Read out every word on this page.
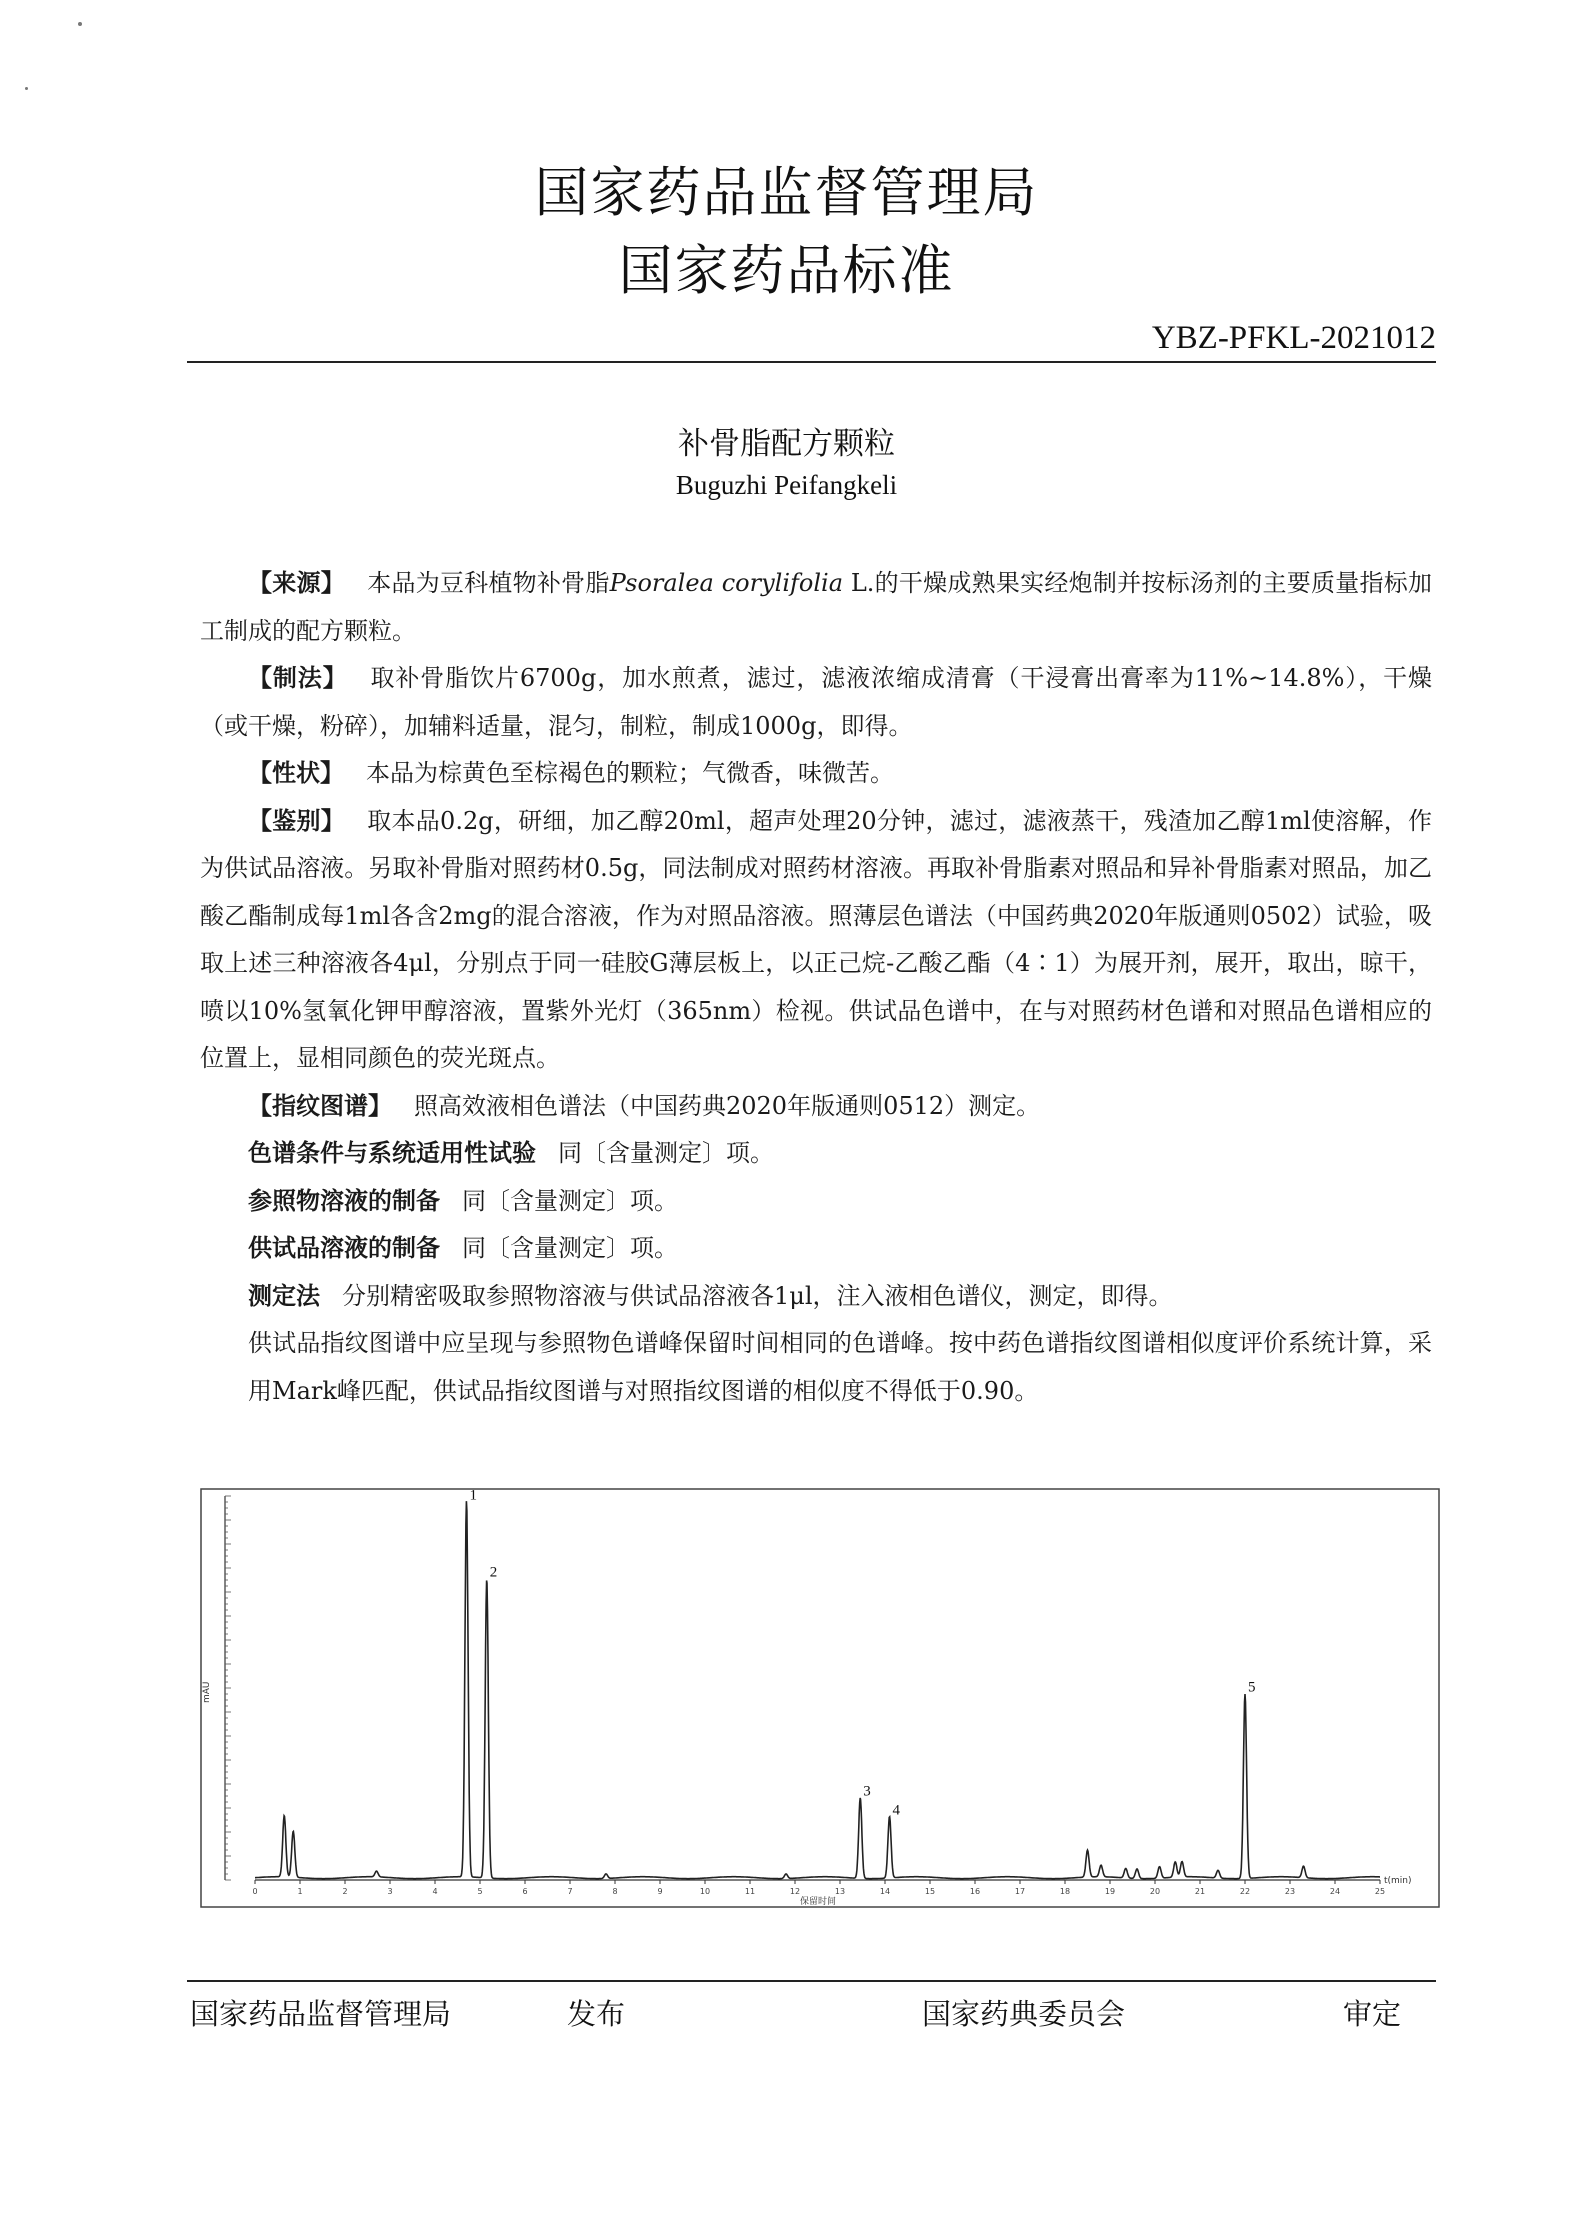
国家药品监督管理局
国家药品标准
YBZ-PFKL-2021012
补骨脂配方颗粒
Buguzhi Peifangkeli

【来源】 本品为豆科植物补骨脂Psoralea corylifolia L.的干燥成熟果实经炮制并按标汤剂的主要质量指标加工制成的配方颗粒。

【制法】 取补骨脂饮片6700g，加水煎煮，滤过，滤液浓缩成清膏（干浸膏出膏率为11%~14.8%），干燥（或干燥，粉碎），加辅料适量，混匀，制粒，制成1000g，即得。

【性状】 本品为棕黄色至棕褐色的颗粒；气微香，味微苦。

【鉴别】 取本品0.2g，研细，加乙醇20ml，超声处理20分钟，滤过，滤液蒸干，残渣加乙醇1ml使溶解，作为供试品溶液。另取补骨脂对照药材0.5g，同法制成对照药材溶液。再取补骨脂素对照品和异补骨脂素对照品，加乙酸乙酯制成每1ml各含2mg的混合溶液，作为对照品溶液。照薄层色谱法（中国药典2020年版通则0502）试验，吸取上述三种溶液各4μl，分别点于同一硅胶G薄层板上，以正己烷-乙酸乙酯（4∶1）为展开剂，展开，取出，晾干，喷以10%氢氧化钾甲醇溶液，置紫外光灯（365nm）检视。供试品色谱中，在与对照药材色谱和对照品色谱相应的位置上，显相同颜色的荧光斑点。

【指纹图谱】 照高效液相色谱法（中国药典2020年版通则0512）测定。

色谱条件与系统适用性试验 同〔含量测定〕项。

参照物溶液的制备 同〔含量测定〕项。

供试品溶液的制备 同〔含量测定〕项。

测定法 分别精密吸取参照物溶液与供试品溶液各1μl，注入液相色谱仪，测定，即得。

供试品指纹图谱中应呈现与参照物色谱峰保留时间相同的色谱峰。按中药色谱指纹图谱相似度评价系统计算，采用Mark峰匹配，供试品指纹图谱与对照指纹图谱的相似度不得低于0.90。

0	1	2	3	4	5	6	7	8	9	10	11	12	13	14	15	16	17	18	19	20	21	22	23	24	25
1
2
3
4
5
mAU
保留时间
t(min)
国家药品监督管理局	发布	国家药典委员会	审定
